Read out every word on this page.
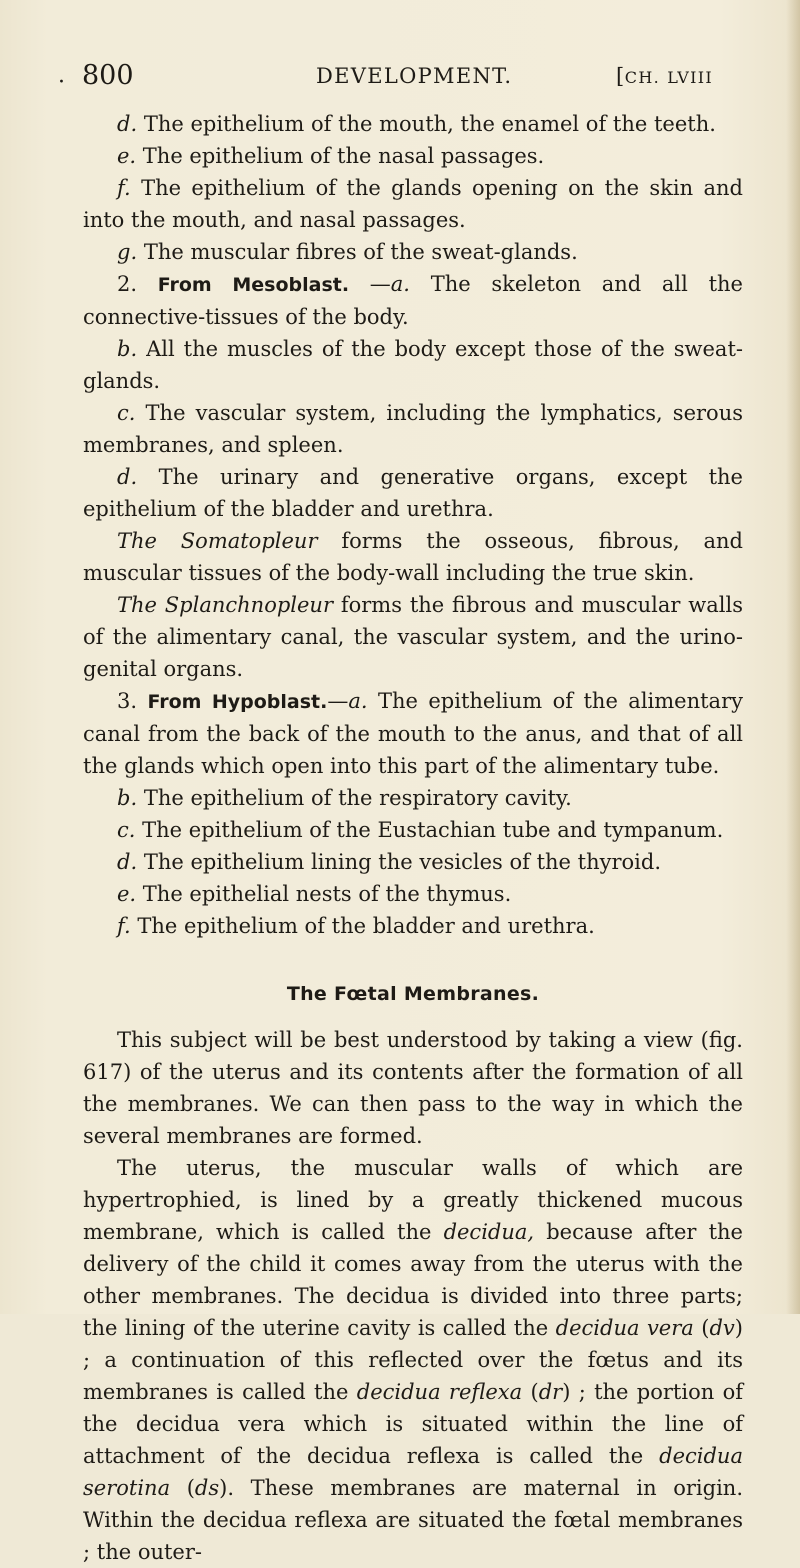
· 800	DEVELOPMENT.	[CH. LVIII

d. The epithelium of the mouth, the enamel of the teeth.

e. The epithelium of the nasal passages.

f. The epithelium of the glands opening on the skin and into the mouth, and nasal passages.

g. The muscular fibres of the sweat-glands.

2. From Mesoblast. —a. The skeleton and all the connective-tissues of the body.

b. All the muscles of the body except those of the sweat-glands.

c. The vascular system, including the lymphatics, serous membranes, and spleen.

d. The urinary and generative organs, except the epithelium of the bladder and urethra.

The Somatopleur forms the osseous, fibrous, and muscular tissues of the body-wall including the true skin.

The Splanchnopleur forms the fibrous and muscular walls of the alimentary canal, the vascular system, and the urino-genital organs.

3. From Hypoblast.—a. The epithelium of the alimentary canal from the back of the mouth to the anus, and that of all the glands which open into this part of the alimentary tube.

b. The epithelium of the respiratory cavity.

c. The epithelium of the Eustachian tube and tympanum.

d. The epithelium lining the vesicles of the thyroid.

e. The epithelial nests of the thymus.

f. The epithelium of the bladder and urethra.

The Fœtal Membranes.

This subject will be best understood by taking a view (fig. 617) of the uterus and its contents after the formation of all the membranes. We can then pass to the way in which the several membranes are formed.

The uterus, the muscular walls of which are hypertrophied, is lined by a greatly thickened mucous membrane, which is called the decidua, because after the delivery of the child it comes away from the uterus with the other membranes. The decidua is divided into three parts; the lining of the uterine cavity is called the decidua vera (dv) ; a continuation of this reflected over the fœtus and its membranes is called the decidua reflexa (dr) ; the portion of the decidua vera which is situated within the line of attachment of the decidua reflexa is called the decidua serotina (ds). These membranes are maternal in origin. Within the decidua reflexa are situated the fœtal membranes ; the outer-
